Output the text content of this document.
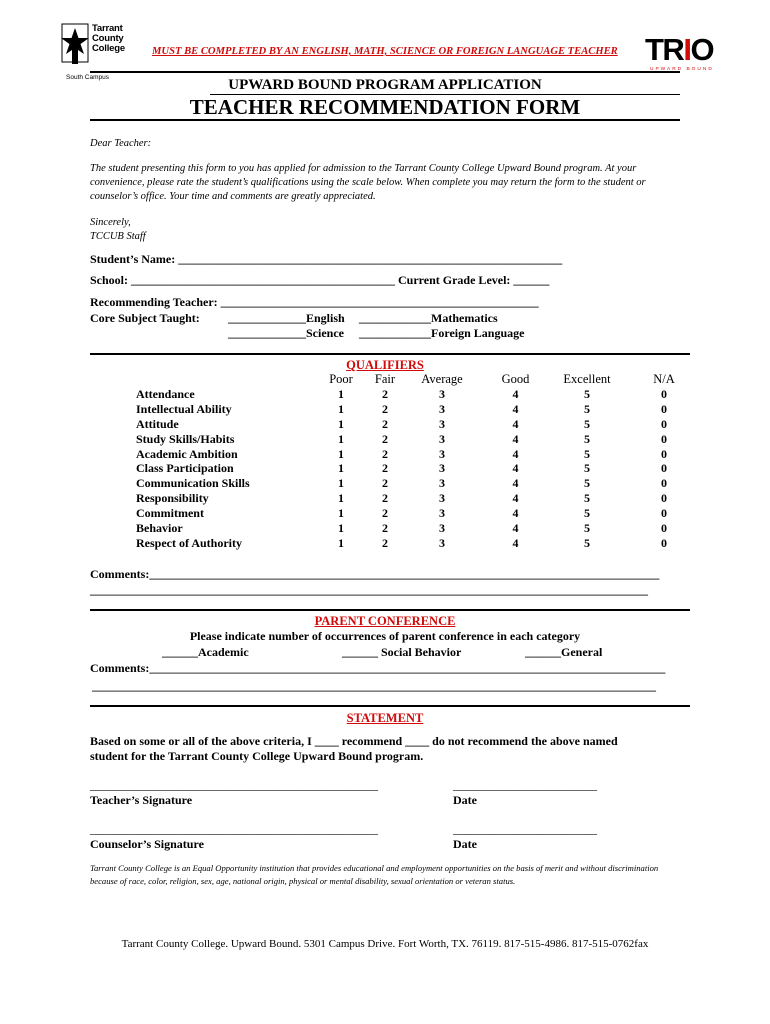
Tarrant County College
South Campus
MUST BE COMPLETED BY AN ENGLISH, MATH, SCIENCE OR FOREIGN LANGUAGE TEACHER TRIO
UPWARD BOUND
UPWARD BOUND PROGRAM APPLICATION
TEACHER RECOMMENDATION FORM
Dear Teacher:
The student presenting this form to you has applied for admission to the Tarrant County College Upward Bound program. At your convenience, please rate the student’s qualifications using the scale below. When complete you may return the form to the student or counselor’s office. Your time and comments are greatly appreciated.
Sincerely,
TCCUB Staff
Student’s Name: ________________________________________________________________
School: ____________________________________________ Current Grade Level: ______
Recommending Teacher: _____________________________________________________
Core Subject Taught: _____________English
_____________Science
____________Mathematics
____________Foreign Language
QUALIFIERS
	Poor	Fair	Average	Good	Excellent	N/A
Attendance	1	2	3	4	5	0
Intellectual Ability	1	2	3	4	5	0
Attitude	1	2	3	4	5	0
Study Skills/Habits	1	2	3	4	5	0
Academic Ambition	1	2	3	4	5	0
Class Participation	1	2	3	4	5	0
Communication Skills	1	2	3	4	5	0
Responsibility	1	2	3	4	5	0
Commitment	1	2	3	4	5	0
Behavior	1	2	3	4	5	0
Respect of Authority	1	2	3	4	5	0
Comments:_____________________________________________________________________________________
_____________________________________________________________________________________________
PARENT CONFERENCE
Please indicate number of occurrences of parent conference in each category
______Academic	______ Social Behavior	______General
Comments:______________________________________________________________________________________
______________________________________________________________________________________________
STATEMENT
Based on some or all of the above criteria, I ____ recommend ____ do not recommend the above named
student for the Tarrant County College Upward Bound program.
________________________________________________	________________________
Teacher’s Signature	Date
________________________________________________	________________________
Counselor’s Signature	Date
Tarrant County College is an Equal Opportunity institution that provides educational and employment opportunities on the basis of merit and without discrimination because of race, color, religion, sex, age, national origin, physical or mental disability, sexual orientation or veteran status.
Tarrant County College. Upward Bound. 5301 Campus Drive. Fort Worth, TX. 76119. 817-515-4986. 817-515-0762fax
